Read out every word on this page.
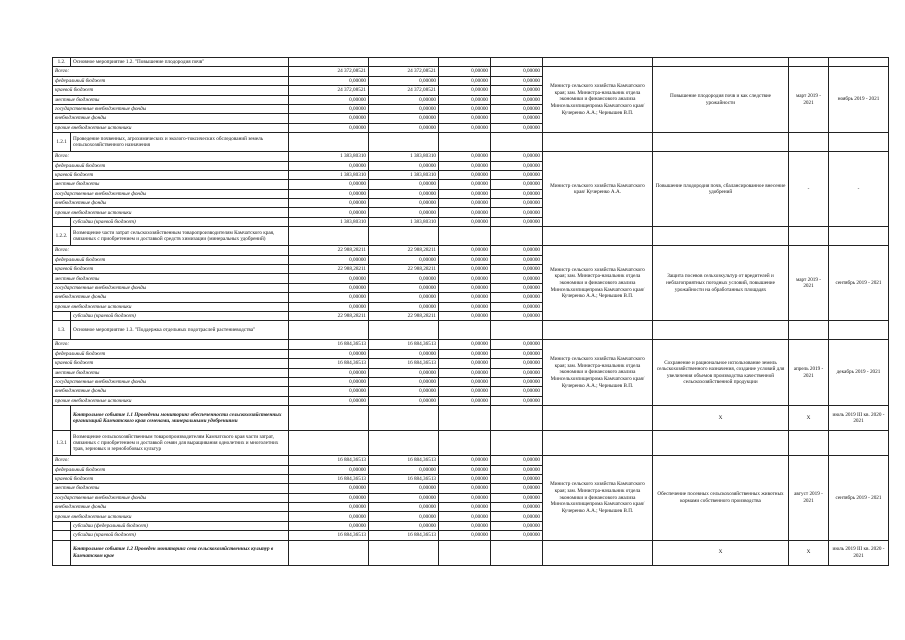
1.2.	Основное мероприятие 1.2. "Повышение плодородия почв"								
Всего:		24 372,08521	24 372,08521	0,00000	0,00000	Министр сельского хозяйства Камчатского края; зам. Министра-начальник отдела экономики и финансового анализа Минсельхозпищепрома Камчатского края/ Кучеренко А.А.; Чернышев В.П.	Повышение плодородия почв и как следствие урожайности	март 2019 - 2021	ноябрь 2019 - 2021
федеральный бюджет		0,00000	0,00000	0,00000	0,00000				
краевой бюджет		24 372,08521	24 372,08521	0,00000	0,00000				
местные бюджеты		0,00000	0,00000	0,00000	0,00000				
государственные внебюджетные фонды		0,00000	0,00000	0,00000	0,00000				
внебюджетные фонды		0,00000	0,00000	0,00000	0,00000				
прочие внебюджетные источники		0,00000	0,00000	0,00000	0,00000				
1.2.1	Проведение почвенных, агрохимических и эколого-токсических обследований земель сельскохозяйственного назначения								
Всего:		1 383,80310	1 383,80310	0,00000	0,00000	Министр сельского хозяйства Камчатского края/ Кучеренко А.А.	Повышение плодородия почв, сбалансированное внесение удобрений	-	-
федеральный бюджет		0,00000	0,00000	0,00000	0,00000				
краевой бюджет		1 383,80310	1 383,80310	0,00000	0,00000				
местные бюджеты		0,00000	0,00000	0,00000	0,00000				
государственные внебюджетные фонды		0,00000	0,00000	0,00000	0,00000				
внебюджетные фонды		0,00000	0,00000	0,00000	0,00000				
прочие внебюджетные источники		0,00000	0,00000	0,00000	0,00000				
	субсидии (краевой бюджет)	1 383,80310	1 383,80310	0,00000	0,00000				
1.2.2.	Возмещение части затрат сельскохозяйственным товаропроизводителям Камчатского края, связанных с приобретением и доставкой средств химизации (минеральных удобрений)								
Всего:		22 988,28211	22 988,28211	0,00000	0,00000	Министр сельского хозяйства Камчатского края; зам. Министра-начальник отдела экономики и финансового анализа Минсельхозпищепрома Камчатского края/Кучеренко А.А.; Чернышев В.П.	Защита посевов сельхозкультур от вредителей и неблагоприятных погодных условий, повышение урожайности на обработанных площадях	март 2019 - 2021	сентябрь 2019 - 2021
федеральный бюджет		0,00000	0,00000	0,00000	0,00000				
краевой бюджет		22 988,28211	22 988,28211	0,00000	0,00000				
местные бюджеты		0,00000	0,00000	0,00000	0,00000				
государственные внебюджетные фонды		0,00000	0,00000	0,00000	0,00000				
внебюджетные фонды		0,00000	0,00000	0,00000	0,00000				
прочие внебюджетные источники		0,00000	0,00000	0,00000	0,00000				
	субсидии (краевой бюджет)	22 988,28211	22 988,28211	0,00000	0,00000				
1.3.	Основное мероприятие 1.3. "Поддержка отдельных подотраслей растениеводства"								
Всего:		16 884,36513	16 884,36513	0,00000	0,00000	Министр сельского хозяйства Камчатского края; зам. Министра-начальник отдела экономики и финансового анализа Минсельхозпищепрома Камчатского края/Кучеренко А.А.; Чернышев В.П.	Сохранение и рациональное использование земель сельскохозяйственного назначения, создание условий для увеличения объемов производства качественной сельскохозяйственной продукции	апрель 2019 - 2021	декабрь 2019 - 2021
федеральный бюджет		0,00000	0,00000	0,00000	0,00000				
краевой бюджет		16 884,36513	16 884,36513	0,00000	0,00000				
местные бюджеты		0,00000	0,00000	0,00000	0,00000				
государственные внебюджетные фонды		0,00000	0,00000	0,00000	0,00000				
внебюджетные фонды		0,00000	0,00000	0,00000	0,00000				
прочие внебюджетные источники		0,00000	0,00000	0,00000	0,00000				
	Контрольное событие 1.1 Проведены мониторинг обеспеченности сельскохозяйственных организаций Камчатского края семенами, минеральными удобрениями						Х	Х	июль 2019 III кв. 2020 - 2021
1.3.1	Возмещение сельскохозяйственным товаропроизводителям Камчатского края части затрат, связанных с приобретением и доставкой семян для выращивания однолетних и многолетних трав, зерновых и зернобобовых культур								
Всего:		16 884,36513	16 884,36513	0,00000	0,00000	Министр сельского хозяйства Камчатского края; зам. Министра-начальник отдела экономики и финансового анализа Минсельхозпищепрома Камчатского края/Кучеренко А.А.; Чернышев В.П.	Обеспечение посевных сельскохозяйственных животных кормами собственного производства	август 2019 - 2021	сентябрь 2019 - 2021
федеральный бюджет		0,00000	0,00000	0,00000	0,00000				
краевой бюджет		16 884,36513	16 884,36513	0,00000	0,00000				
местные бюджеты		0,00000	0,00000	0,00000	0,00000				
государственные внебюджетные фонды		0,00000	0,00000	0,00000	0,00000				
внебюджетные фонды		0,00000	0,00000	0,00000	0,00000				
прочие внебюджетные источники		0,00000	0,00000	0,00000	0,00000				
	субсидии (федеральный бюджет)	0,00000	0,00000	0,00000	0,00000				
	субсидии (краевой бюджет)	16 884,36513	16 884,36513	0,00000	0,00000				
	Контрольное событие 1.2 Проведен мониторинг сева сельскохозяйственных культур в Камчатском крае						Х	Х	июль 2019 III кв. 2020 - 2021
